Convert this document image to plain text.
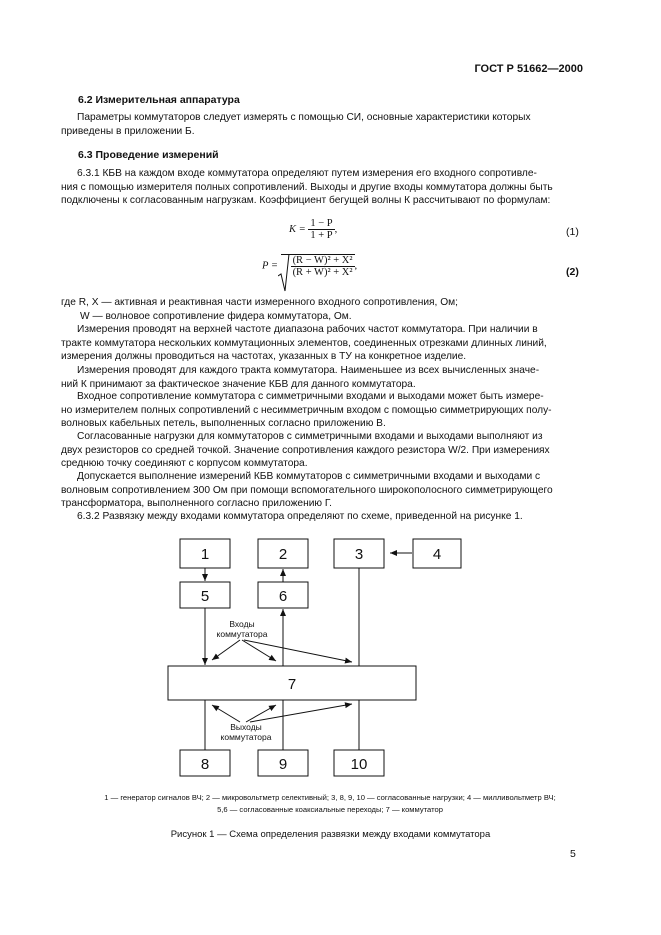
ГОСТ Р 51662—2000
6.2 Измерительная аппаратура
Параметры коммутаторов следует измерять с помощью СИ, основные характеристики которых
приведены в приложении Б.
6.3 Проведение измерений
6.3.1 КБВ на каждом входе коммутатора определяют путем измерения его входного сопротивле-
ния с помощью измерителя полных сопротивлений. Выходы и другие входы коммутатора должны быть
подключены к согласованным нагрузкам. Коэффициент бегущей волны К рассчитывают по формулам:
$K = \frac{1 - P}{1 + P}$ ,	(1)
$P = \frac{\text{(R − W)² + X²}}{\text{(R + W)² + X²}}$ ,	(2)
где R, X — активная и реактивная части измеренного входного сопротивления, Ом;
W — волновое сопротивление фидера коммутатора, Ом.
Измерения проводят на верхней частоте диапазона рабочих частот коммутатора. При наличии в
тракте коммутатора нескольких коммутационных элементов, соединенных отрезками длинных линий,
измерения должны проводиться на частотах, указанных в ТУ на конкретное изделие.
Измерения проводят для каждого тракта коммутатора. Наименьшее из всех вычисленных значе-
ний К принимают за фактическое значение КБВ для данного коммутатора.
Входное сопротивление коммутатора с симметричными входами и выходами может быть измере-
но измерителем полных сопротивлений с несимметричным входом с помощью симметрирующих полу-
волновых кабельных петель, выполненных согласно приложению В.
Согласованные нагрузки для коммутаторов с симметричными входами и выходами выполняют из
двух резисторов со средней точкой. Значение сопротивления каждого резистора W/2. При измерениях
среднюю точку соединяют с корпусом коммутатора.
Допускается выполнение измерений КБВ коммутаторов с симметричными входами и выходами с
волновым сопротивлением 300 Ом при помощи вспомогательного широкополосного симметрирующего
трансформатора, выполненного согласно приложению Г.
6.3.2 Развязку между входами коммутатора определяют по схеме, приведенной на рисунке 1.
1	2	3	4
5	6
7
8	9	10
Входы
коммутатора
Выходы
коммутатора
1 — генератор сигналов ВЧ; 2 — микровольтметр селективный; 3, 8, 9, 10 — согласованные нагрузки; 4 — милливольтметр ВЧ;
5,6 — согласованные коаксиальные переходы; 7 — коммутатор
Рисунок 1 — Схема определения развязки между входами коммутатора
5
